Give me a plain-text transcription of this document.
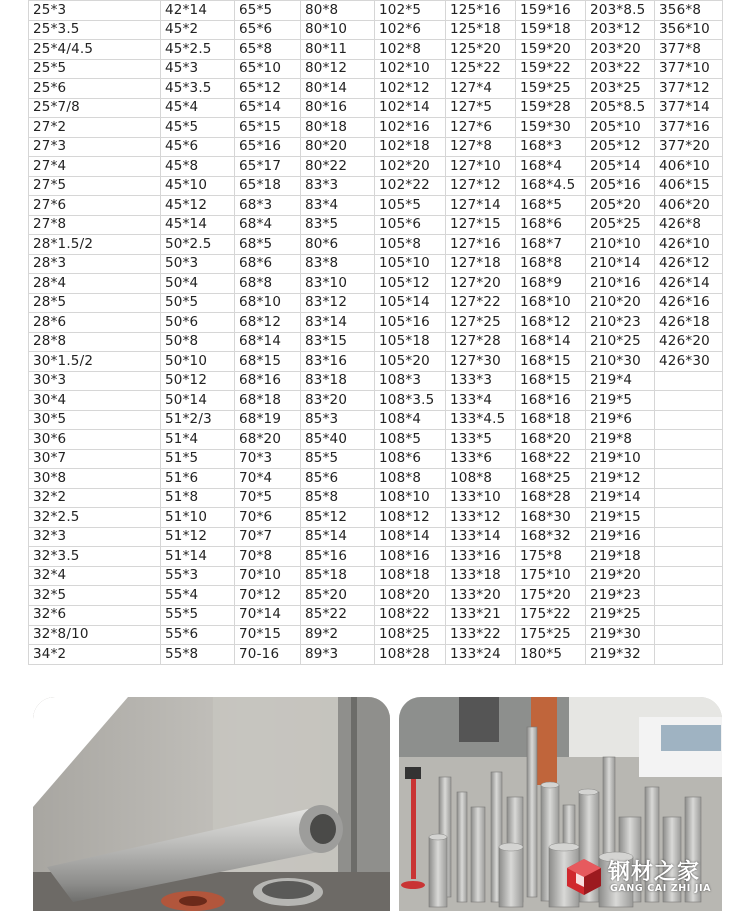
25*3	42*14	65*5	80*8	102*5	125*16	159*16	203*8.5	356*8
25*3.5	45*2	65*6	80*10	102*6	125*18	159*18	203*12	356*10
25*4/4.5	45*2.5	65*8	80*11	102*8	125*20	159*20	203*20	377*8
25*5	45*3	65*10	80*12	102*10	125*22	159*22	203*22	377*10
25*6	45*3.5	65*12	80*14	102*12	127*4	159*25	203*25	377*12
25*7/8	45*4	65*14	80*16	102*14	127*5	159*28	205*8.5	377*14
27*2	45*5	65*15	80*18	102*16	127*6	159*30	205*10	377*16
27*3	45*6	65*16	80*20	102*18	127*8	168*3	205*12	377*20
27*4	45*8	65*17	80*22	102*20	127*10	168*4	205*14	406*10
27*5	45*10	65*18	83*3	102*22	127*12	168*4.5	205*16	406*15
27*6	45*12	68*3	83*4	105*5	127*14	168*5	205*20	406*20
27*8	45*14	68*4	83*5	105*6	127*15	168*6	205*25	426*8
28*1.5/2	50*2.5	68*5	80*6	105*8	127*16	168*7	210*10	426*10
28*3	50*3	68*6	83*8	105*10	127*18	168*8	210*14	426*12
28*4	50*4	68*8	83*10	105*12	127*20	168*9	210*16	426*14
28*5	50*5	68*10	83*12	105*14	127*22	168*10	210*20	426*16
28*6	50*6	68*12	83*14	105*16	127*25	168*12	210*23	426*18
28*8	50*8	68*14	83*15	105*18	127*28	168*14	210*25	426*20
30*1.5/2	50*10	68*15	83*16	105*20	127*30	168*15	210*30	426*30
30*3	50*12	68*16	83*18	108*3	133*3	168*15	219*4	
30*4	50*14	68*18	83*20	108*3.5	133*4	168*16	219*5	
30*5	51*2/3	68*19	85*3	108*4	133*4.5	168*18	219*6	
30*6	51*4	68*20	85*40	108*5	133*5	168*20	219*8	
30*7	51*5	70*3	85*5	108*6	133*6	168*22	219*10	
30*8	51*6	70*4	85*6	108*8	108*8	168*25	219*12	
32*2	51*8	70*5	85*8	108*10	133*10	168*28	219*14	
32*2.5	51*10	70*6	85*12	108*12	133*12	168*30	219*15	
32*3	51*12	70*7	85*14	108*14	133*14	168*32	219*16	
32*3.5	51*14	70*8	85*16	108*16	133*16	175*8	219*18	
32*4	55*3	70*10	85*18	108*18	133*18	175*10	219*20	
32*5	55*4	70*12	85*20	108*20	133*20	175*20	219*23	
32*6	55*5	70*14	85*22	108*22	133*21	175*22	219*25	
32*8/10	55*6	70*15	89*2	108*25	133*22	175*25	219*30	
34*2	55*8	70-16	89*3	108*28	133*24	180*5	219*32	
钢材之家
GANG CAI ZHI JIA
